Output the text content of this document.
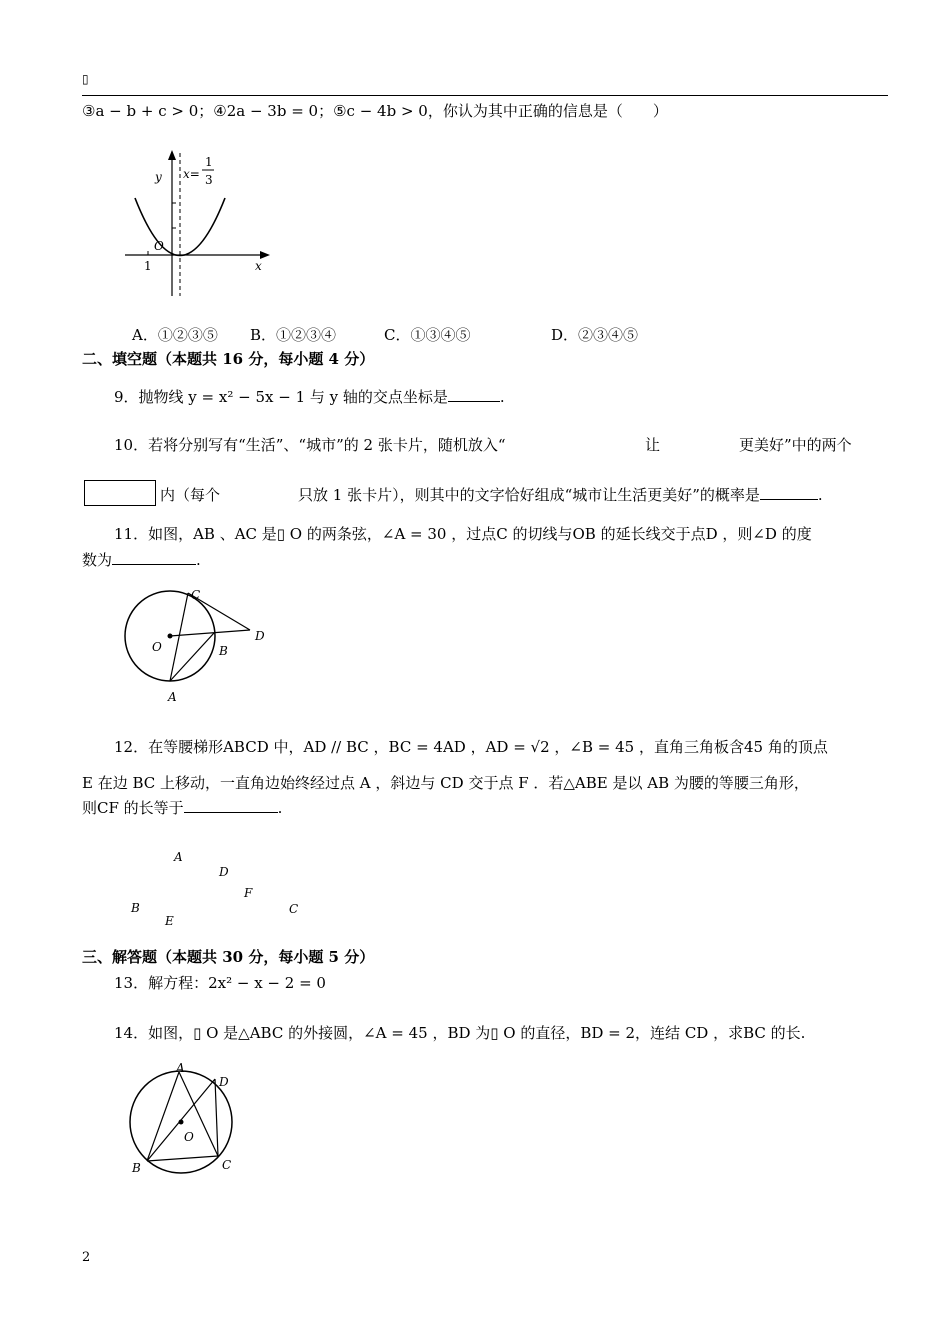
▯
③a − b + c > 0；④2a − 3b = 0；⑤c − 4b > 0，你认为其中正确的信息是（　　）
y
x
O
1
x=
1
3
A．①②③⑤ B．①②③④	C．①③④⑤	D．②③④⑤
二、填空题（本题共 16 分，每小题 4 分）
9．抛物线 y = x² − 5x − 1 与 y 轴的交点坐标是	.
10．若将分别写有“生活”、“城市”的 2 张卡片，随机放入“	让	更美好”中的两个
内（每个	只放 1 张卡片），则其中的文字恰好组成“城市让生活更美好”的概率是	.
11．如图，AB 、AC 是▯ O 的两条弦，∠A = 30 ，过点C 的切线与OB 的延长线交于点D ，则∠D 的度
数为	.
C
D
O	B
A
12．在等腰梯形ABCD 中，AD // BC ，BC = 4AD ，AD = √2 ，∠B = 45 ，直角三角板含45 角的顶点
E 在边 BC 上移动，一直角边始终经过点 A ，斜边与 CD 交于点 F ．若△ABE 是以 AB 为腰的等腰三角形，
则CF 的长等于	.
A
D
F
B	C
E
三、解答题（本题共 30 分，每小题 5 分）
13．解方程：2x² − x − 2 = 0
14．如图，▯ O 是△ABC 的外接圆，∠A = 45 ，BD 为▯ O 的直径，BD = 2，连结 CD ，求BC 的长.
A
D
O
B	C
2
